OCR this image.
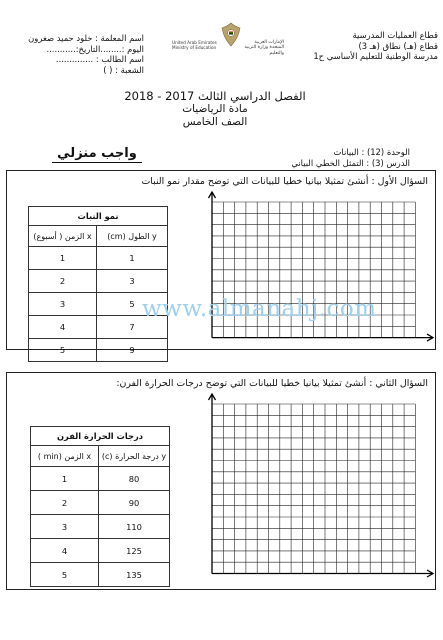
قطاع العمليات المدرسية
قطاع (هـ) نطاق (هـ 3)
مدرسة الوطنية للتعليم الأساسي ح1
اسم المعلمة : خلود حميد صغرون
اليوم :........التاريخ:...........
اسم الطالب : ..............
الشعبة : ( )
United Arab Emirates Ministry of Education
الإمارات العربية المتحدة وزارة التربية والتعليم
الفصل الدراسي الثالث 2017 - 2018
مادة الرياضيات
الصف الخامس
واجب منزلي	الوحدة (12) : البيانات
الدرس (3) : التمثل الخطي البياني
السؤال الأول : أنشئ تمثيلا بيانيا خطيا للبيانات التي توضح مقدار نمو النبات
نمو النبات	
y الطول (cm)	x الزمن ( أسبوع)
1	1
3	2
5	3
7	4
9	5
السؤال الثاني : أنشئ تمثيلا بيانيا خطيا للبيانات التي توضح درجات الحرارة الفرن:
درجات الحرارة الفرن	
y درجة الحرارة (c)	x الزمن (min )
80	1
90	2
110	3
125	4
135	5
www.almanahj.com
